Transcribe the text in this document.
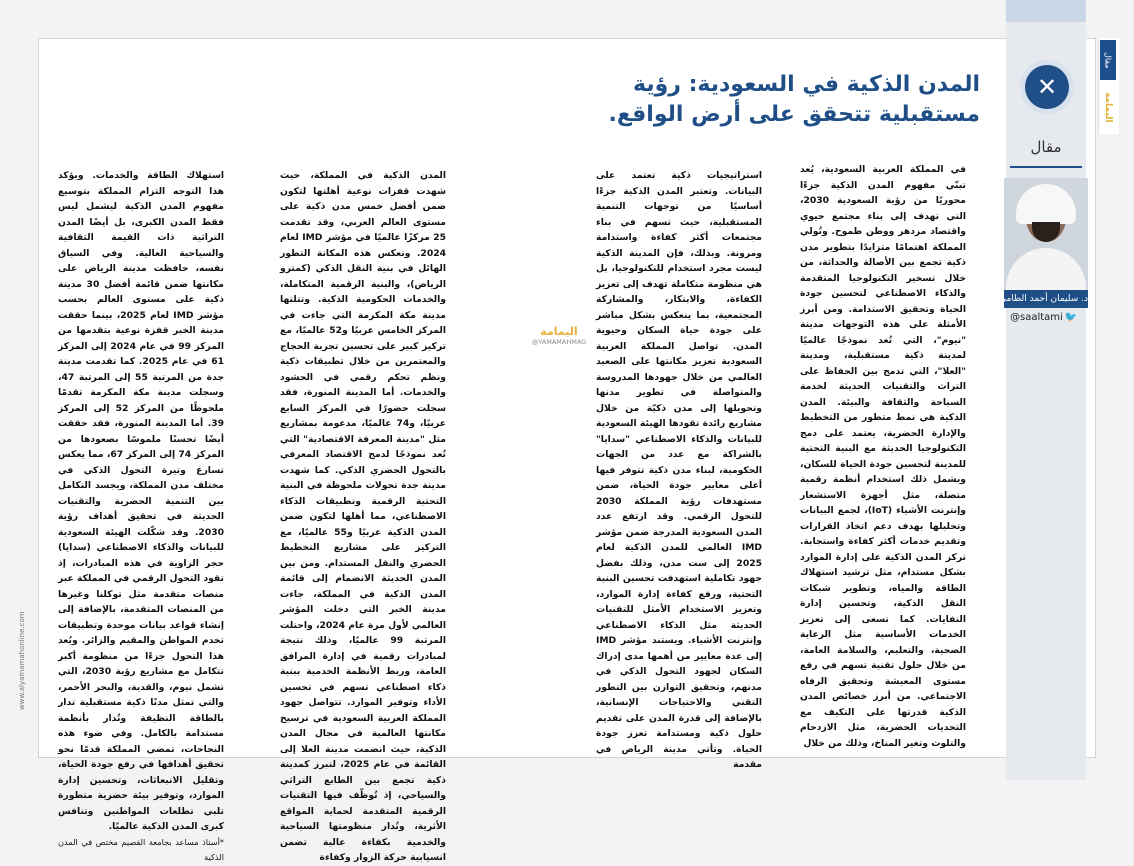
مقال
اليمامة
www.alyamamahonline.com
المدن الذكية في السعودية: رؤية مستقبلية تتحقق على أرض الواقع.
✕
مقال
د. سليمان أحمد الطامي*
@saaltami 🐦
اليمامة
@YAMAMAHMAG

في المملكة العربية السعودية، يُعد تبنّي مفهوم المدن الذكية جزءًا محوريًا من رؤية السعودية 2030، التي تهدف إلى بناء مجتمع حيوي واقتصاد مزدهر ووطن طموح. وتُولي المملكة اهتمامًا متزايدًا بتطوير مدن ذكية تجمع بين الأصالة والحداثة، من خلال تسخير التكنولوجيا المتقدمة والذكاء الاصطناعي لتحسين جودة الحياة وتحقيق الاستدامة. ومن أبرز الأمثلة على هذه التوجهات مدينة "نيوم"، التي تُعد نموذجًا عالميًا لمدينة ذكية مستقبلية، ومدينة "العلا"، التي تدمج بين الحفاظ على التراث والتقنيات الحديثة لخدمة السياحة والثقافة والبيئة. المدن الذكية هي نمط متطور من التخطيط والإدارة الحضرية، يعتمد على دمج التكنولوجيا الحديثة مع البنية التحتية للمدينة لتحسين جودة الحياة للسكان، ويشمل ذلك استخدام أنظمة رقمية متصلة، مثل أجهزة الاستشعار وإنترنت الأشياء (IoT)، لجمع البيانات وتحليلها بهدف دعم اتخاذ القرارات وتقديم خدمات أكثر كفاءة واستجابة. تركز المدن الذكية على إدارة الموارد بشكل مستدام، مثل ترشيد استهلاك الطاقة والمياه، وتطوير شبكات النقل الذكية، وتحسين إدارة النفايات. كما تسعى إلى تعزيز الخدمات الأساسية مثل الرعاية الصحية، والتعليم، والسلامة العامة، من خلال حلول تقنية تسهم في رفع مستوى المعيشة وتحقيق الرفاه الاجتماعي. من أبرز خصائص المدن الذكية قدرتها على التكيف مع التحديات الحضرية، مثل الازدحام والتلوث وتغير المناخ، وذلك من خلال

استراتيجيات ذكية تعتمد على البيانات. وتعتبر المدن الذكية جزءًا أساسيًا من توجهات التنمية المستقبلية، حيث تسهم في بناء مجتمعات أكثر كفاءة واستدامة ومرونة. وبذلك، فإن المدينة الذكية ليست مجرد استخدام للتكنولوجيا، بل هي منظومة متكاملة تهدف إلى تعزيز الكفاءة، والابتكار، والمشاركة المجتمعية، بما ينعكس بشكل مباشر على جودة حياة السكان وحيوية المدن. تواصل المملكة العربية السعودية تعزيز مكانتها على الصعيد العالمي من خلال جهودها المدروسة والمتواصلة في تطوير مدنها وتحويلها إلى مدن ذكيّة من خلال مشاريع رائدة تقودها الهيئة السعودية للبيانات والذكاء الاصطناعي "سدايا" بالشراكة مع عدد من الجهات الحكومية، لبناء مدن ذكية تتوفر فيها أعلى معايير جودة الحياة، ضمن مستهدفات رؤية المملكة 2030 للتحول الرقمي. وقد ارتفع عدد المدن السعودية المدرجة ضمن مؤشر IMD العالمي للمدن الذكية لعام 2025 إلى ست مدن، وذلك بفضل جهود تكاملية استهدفت تحسين البنية التحتية، ورفع كفاءة إدارة الموارد، وتعزيز الاستخدام الأمثل للتقنيات الحديثة مثل الذكاء الاصطناعي وإنترنت الأشياء. ويستند مؤشر IMD إلى عدة معايير من أهمها مدى إدراك السكان لجهود التحول الذكي في مدنهم، وتحقيق التوازن بين التطور التقني والاحتياجات الإنسانية، بالإضافة إلى قدرة المدن على تقديم حلول ذكية ومستدامة تعزز جودة الحياة. وتأتي مدينة الرياض في مقدمة

المدن الذكية في المملكة، حيث شهدت قفزات نوعية أهلتها لتكون ضمن أفضل خمس مدن ذكية على مستوى العالم العربي، وقد تقدمت 25 مركزًا عالميًا في مؤشر IMD لعام 2024. وتعكس هذه المكانة التطور الهائل في بنية النقل الذكي (كمترو الرياض)، والبنية الرقمية المتكاملة، والخدمات الحكومية الذكية. وتتلتها مدينة مكة المكرمة التي جاءت في المركز الخامس عربيًا و52 عالميًا، مع تركيز كبير على تحسين تجربة الحجاج والمعتمرين من خلال تطبيقات ذكية ونظم تحكم رقمي في الحشود والخدمات. أما المدينة المنورة، فقد سجلت حضورًا في المركز السابع عربيًا، و74 عالميًا، مدعومة بمشاريع مثل "مدينة المعرفة الاقتصادية" التي تُعد نموذجًا لدمج الاقتصاد المعرفي بالتحول الحضري الذكي. كما شهدت مدينة جدة تحولات ملحوظة في البنية التحتية الرقمية وتطبيقات الذكاء الاصطناعي، مما أهلها لتكون ضمن المدن الذكية عربيًا و55 عالميًا، مع التركيز على مشاريع التخطيط الحضري والنقل المستدام. ومن بين المدن الحديثة الانضمام إلى قائمة المدن الذكية في المملكة، جاءت مدينة الخبر التي دخلت المؤشر العالمي لأول مرة عام 2024، واحتلت المرتبة 99 عالميًا، وذلك نتيجة لمبادرات رقمية في إدارة المرافق العامة، وربط الأنظمة الخدمية ببنية ذكاء اصطناعي تسهم في تحسين الأداء وتوفير الموارد. تتواصل جهود المملكة العربية السعودية في ترسيخ مكانتها العالمية في مجال المدن الذكية، حيث انضمت مدينة العلا إلى القائمة في عام 2025، لتبرز كمدينة ذكية تجمع بين الطابع التراثي والسياحي، إذ تُوظّف فيها التقنيات الرقمية المتقدمة لحماية المواقع الأثرية، وتُدار منظومتها السياحية والخدمية بكفاءة عالية تضمن انسيابية حركة الزوار وكفاءة

استهلاك الطاقة والخدمات. ويؤكد هذا التوجه التزام المملكة بتوسيع مفهوم المدن الذكية ليشمل ليس فقط المدن الكبرى، بل أيضًا المدن التراثية ذات القيمة الثقافية والسياحية العالية. وفي السياق نفسه، حافظت مدينة الرياض على مكانتها ضمن قائمة أفضل 30 مدينة ذكية على مستوى العالم بحسب مؤشر IMD لعام 2025، بينما حققت مدينة الخبر قفزة نوعية بتقدمها من المركز 99 في عام 2024 إلى المركز 61 في عام 2025. كما تقدمت مدينة جدة من المرتبة 55 إلى المرتبة 47، وسجلت مدينة مكة المكرمة تقدمًا ملحوظًا من المركز 52 إلى المركز 39. أما المدينة المنورة، فقد حققت أيضًا تحسنًا ملموسًا بصعودها من المركز 74 إلى المركز 67، مما يعكس تسارع وتيرة التحول الذكي في مختلف مدن المملكة، ويجسد التكامل بين التنمية الحضرية والتقنيات الحديثة في تحقيق أهداف رؤية 2030. وقد شكّلت الهيئة السعودية للبيانات والذكاء الاصطناعي (سدايا) حجر الزاوية في هذه المبادرات، إذ تقود التحول الرقمي في المملكة عبر منصات متقدمة مثل توكلنا وغيرها من المنصات المتقدمة، بالإضافة إلى إنشاء قواعد بيانات موحدة وتطبيقات تخدم المواطن والمقيم والزائر. ويُعد هذا التحول جزءًا من منظومة أكبر تتكامل مع مشاريع رؤية 2030، التي تشمل نيوم، والقدية، والبحر الأحمر، والتي تمثل مدنًا ذكية مستقبلية تدار بالطاقة النظيفة وتُدار بأنظمة مستدامة بالكامل. وفي ضوء هذه النجاحات، تمضي المملكة قدمًا نحو تحقيق أهدافها في رفع جودة الحياة، وتقليل الانبعاثات، وتحسين إدارة الموارد، وتوفير بيئة حضرية متطورة تلبي تطلعات المواطنين وتنافس كبرى المدن الذكية عالميًا.

*أستاذ مساعد بجامعة القصيم مختص في المدن الذكية
